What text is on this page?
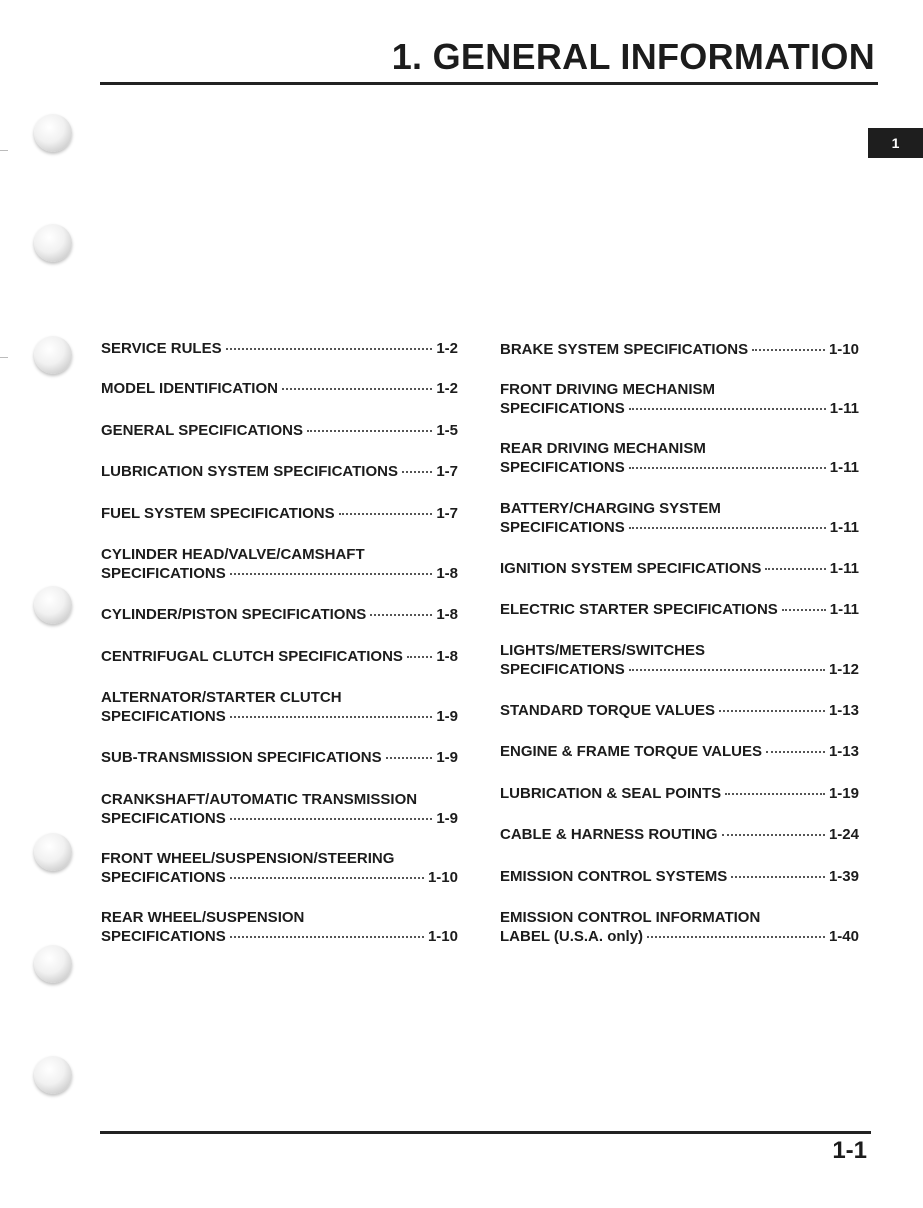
1. GENERAL INFORMATION
1
SERVICE RULES	1-2
MODEL IDENTIFICATION	1-2
GENERAL SPECIFICATIONS	1-5
LUBRICATION SYSTEM SPECIFICATIONS	1-7
FUEL SYSTEM SPECIFICATIONS	1-7
CYLINDER HEAD/VALVE/CAMSHAFT
SPECIFICATIONS	1-8
CYLINDER/PISTON SPECIFICATIONS	1-8
CENTRIFUGAL CLUTCH SPECIFICATIONS 1-8
ALTERNATOR/STARTER CLUTCH
SPECIFICATIONS	1-9
SUB-TRANSMISSION SPECIFICATIONS	1-9
CRANKSHAFT/AUTOMATIC TRANSMISSION
SPECIFICATIONS	1-9
FRONT WHEEL/SUSPENSION/STEERING
SPECIFICATIONS	1-10
REAR WHEEL/SUSPENSION
SPECIFICATIONS	1-10
BRAKE SYSTEM SPECIFICATIONS	1-10
FRONT DRIVING MECHANISM
SPECIFICATIONS	1-11
REAR DRIVING MECHANISM
SPECIFICATIONS	1-11
BATTERY/CHARGING SYSTEM
SPECIFICATIONS	1-11
IGNITION SYSTEM SPECIFICATIONS	1-11
ELECTRIC STARTER SPECIFICATIONS	1-11
LIGHTS/METERS/SWITCHES
SPECIFICATIONS	1-12
STANDARD TORQUE VALUES	1-13
ENGINE & FRAME TORQUE VALUES	1-13
LUBRICATION & SEAL POINTS	1-19
CABLE & HARNESS ROUTING	1-24
EMISSION CONTROL SYSTEMS	1-39
EMISSION CONTROL INFORMATION
LABEL (U.S.A. only)	1-40
1-1
